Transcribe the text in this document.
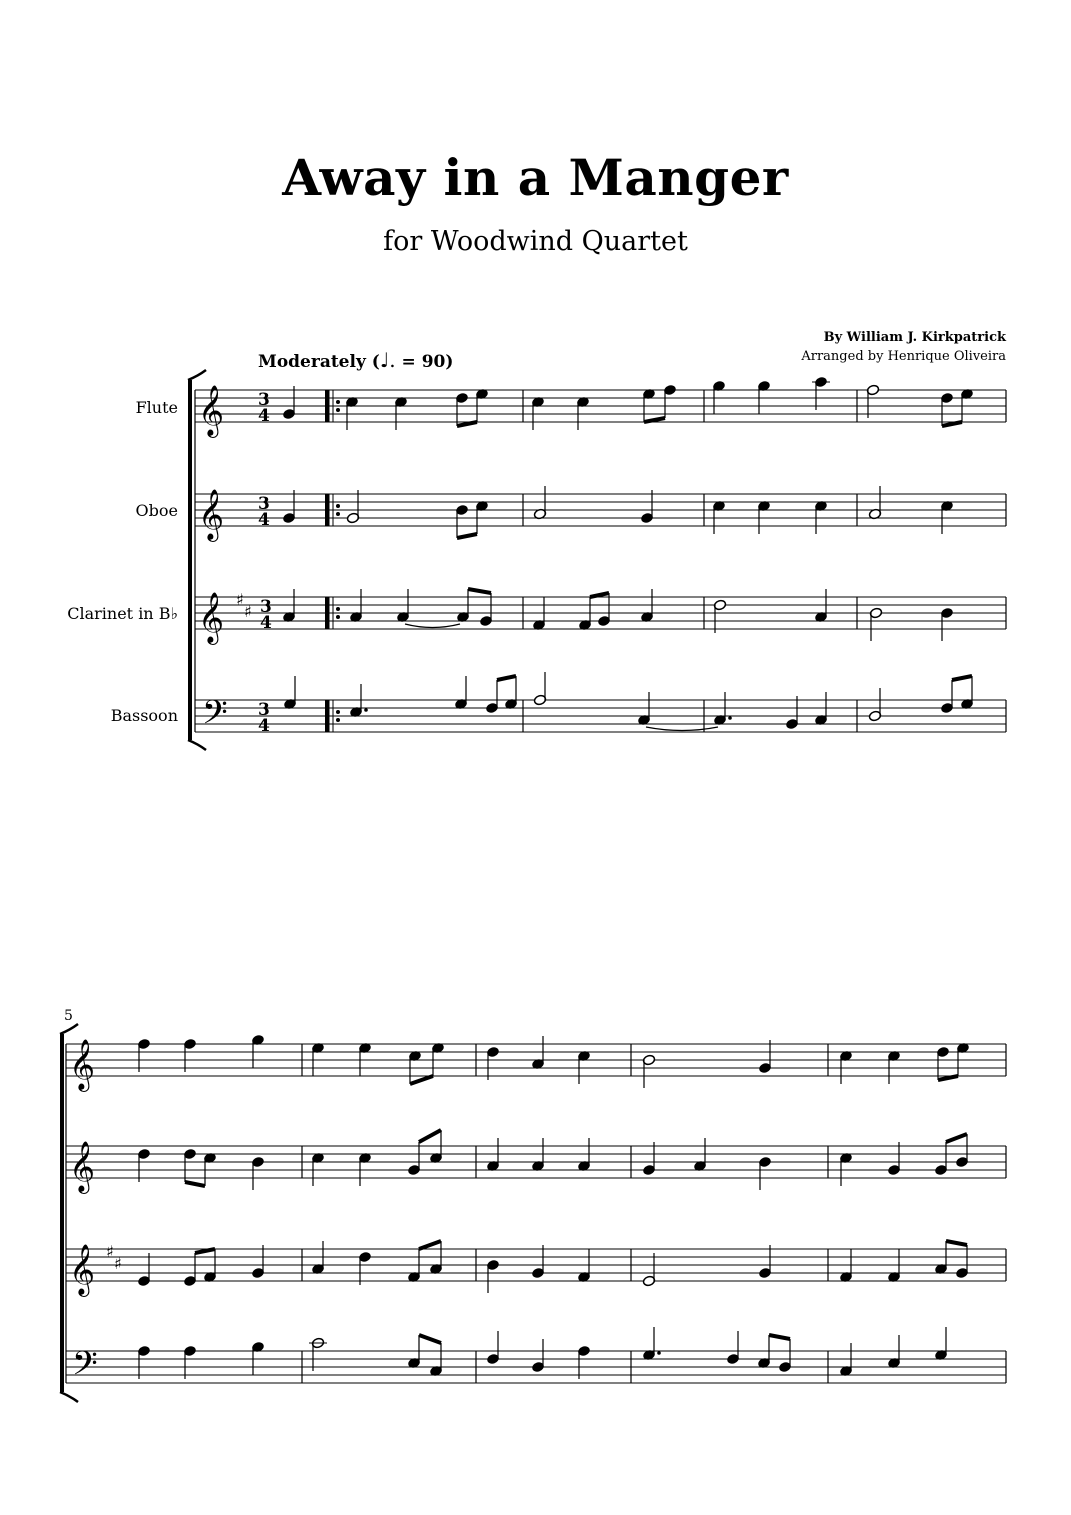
Away in a Manger
for Woodwind Quartet
By William J. Kirkpatrick
Arranged by Henrique Oliveira
Moderately (♩. = 90)
Flute
Oboe
Clarinet in B♭
Bassoon
5
𝄞
𝄞
𝄞
𝄢
♯
♯
3
4
3
4
3
4
3
4
𝄞
𝄞
𝄞
𝄢
♯
♯
